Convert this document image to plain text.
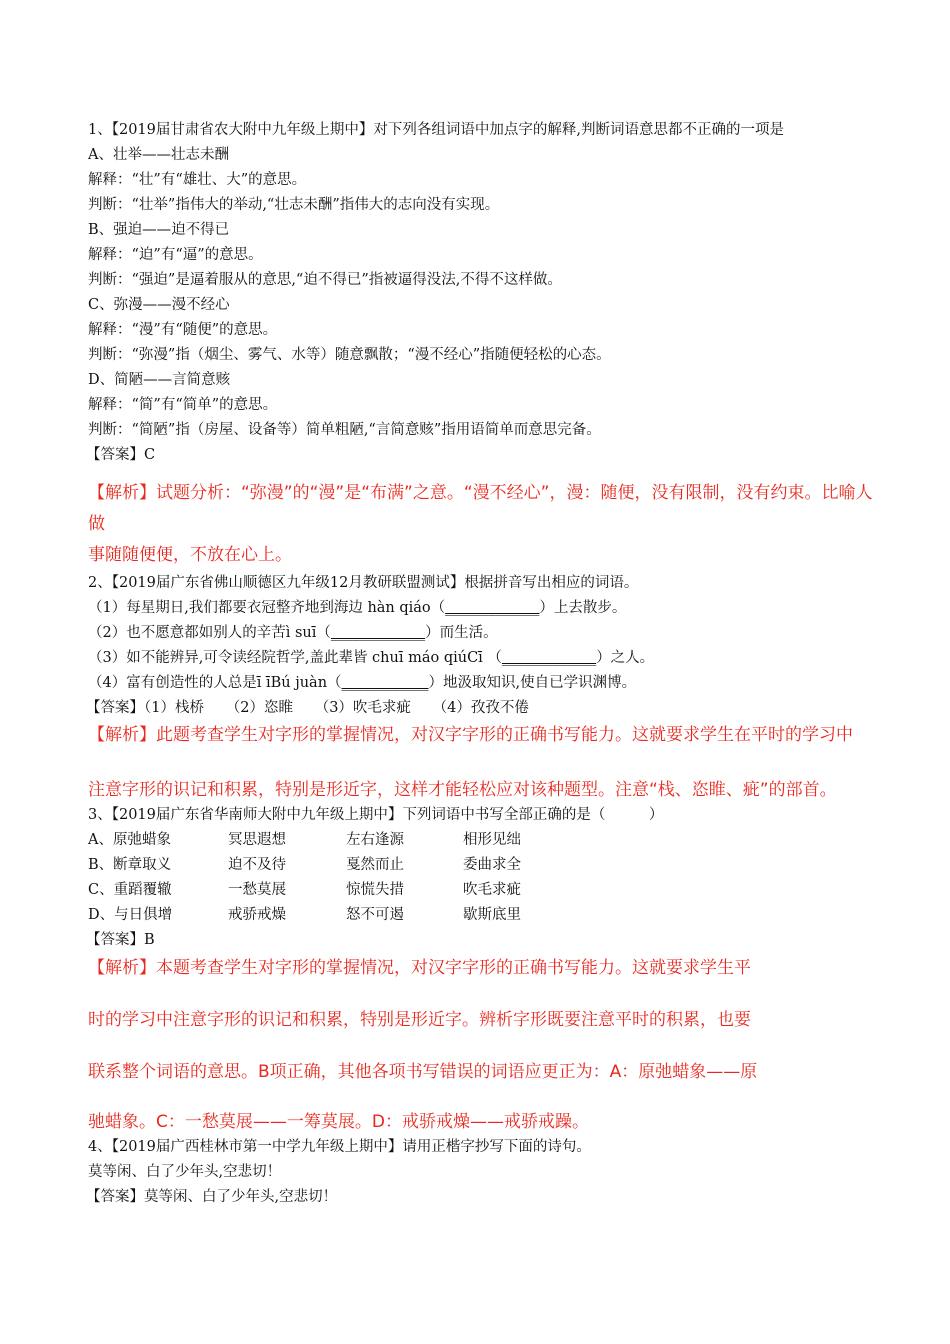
1、【2019届甘肃省农大附中九年级上期中】对下列各组词语中加点字的解释,判断词语意思都不正确的一项是
A、壮举——壮志未酬
解释：“壮”有“雄壮、大”的意思。
判断：“壮举”指伟大的举动,“壮志未酬”指伟大的志向没有实现。
B、强迫——迫不得已
解释：“迫”有“逼”的意思。
判断：“强迫”是逼着服从的意思,“迫不得已”指被逼得没法,不得不这样做。
C、弥漫——漫不经心
解释：“漫”有“随便”的意思。
判断：“弥漫”指（烟尘、雾气、水等）随意飘散；“漫不经心”指随便轻松的心态。
D、简陋——言简意赅
解释：“简”有“简单”的意思。
判断：“简陋”指（房屋、设备等）简单粗陋,“言简意赅”指用语简单而意思完备。
【答案】C
【解析】试题分析：“弥漫”的“漫”是“布满”之意。“漫不经心”，漫：随便，没有限制，没有约束。比喻人做
事随随便便，不放在心上。
2、【2019届广东省佛山顺德区九年级12月教研联盟测试】根据拼音写出相应的词语。
（1）每星期日,我们都要衣冠整齐地到海边 hàn qiáo（_____________）上去散步。
（2）也不愿意都如别人的辛苦ì suī（_____________）而生活。
（3）如不能辨异,可令读经院哲学,盖此辈皆 chuī máo qiúCī （_____________）之人。
（4）富有创造性的人总是ī īBú juàn（____________）地汲取知识,使自已学识渊博。
【答案】（1）栈桥　　（2）恣睢　　（3）吹毛求疵　　（4）孜孜不倦
【解析】此题考查学生对字形的掌握情况，对汉字字形的正确书写能力。这就要求学生在平时的学习中
注意字形的识记和积累，特别是形近字，这样才能轻松应对该种题型。注意“栈、恣睢、疵”的部首。
3、【2019届广东省华南师大附中九年级上期中】下列词语中书写全部正确的是（　　　）
A、原弛蜡象	冥思遐想	左右逢源	相形见绌
B、断章取义	迫不及待	戛然而止	委曲求全
C、重蹈覆辙	一愁莫展	惊慌失措	吹毛求疵
D、与日俱增	戒骄戒燥	怒不可遏	歇斯底里
【答案】B
【解析】本题考查学生对字形的掌握情况，对汉字字形的正确书写能力。这就要求学生平
时的学习中注意字形的识记和积累，特别是形近字。辨析字形既要注意平时的积累，也要
联系整个词语的意思。B项正确，其他各项书写错误的词语应更正为：A：原弛蜡象——原
驰蜡象。C：一愁莫展——一筹莫展。D：戒骄戒燥——戒骄戒躁。
4、【2019届广西桂林市第一中学九年级上期中】请用正楷字抄写下面的诗句。
莫等闲、白了少年头,空悲切！
【答案】莫等闲、白了少年头,空悲切！
